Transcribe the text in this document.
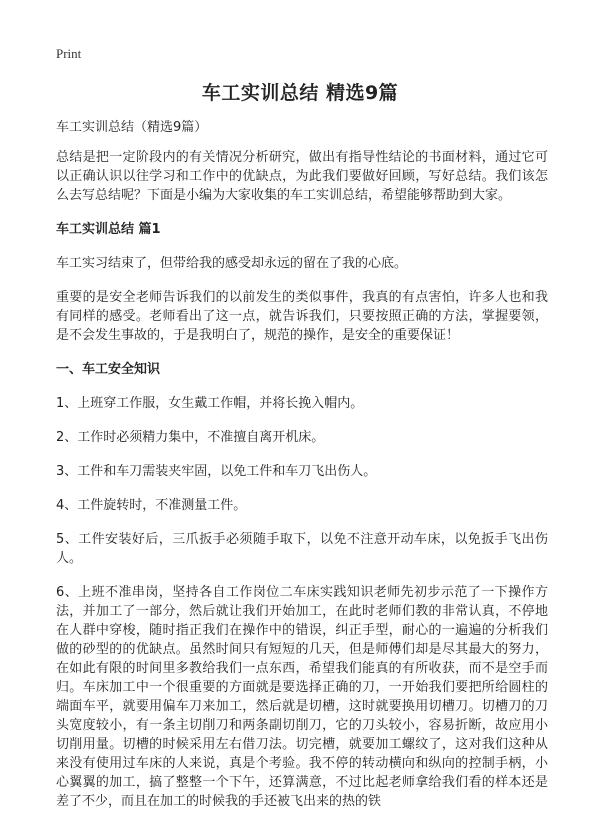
Print
车工实训总结 精选9篇
车工实训总结（精选9篇）

总结是把一定阶段内的有关情况分析研究，做出有指导性结论的书面材料，通过它可以正确认识以往学习和工作中的优缺点，为此我们要做好回顾，写好总结。我们该怎么去写总结呢？下面是小编为大家收集的车工实训总结，希望能够帮助到大家。

车工实训总结 篇1

车工实习结束了，但带给我的感受却永远的留在了我的心底。

重要的是安全老师告诉我们的以前发生的类似事件，我真的有点害怕，许多人也和我有同样的感受。老师看出了这一点，就告诉我们，只要按照正确的方法，掌握要领，是不会发生事故的，于是我明白了，规范的操作，是安全的重要保证！

一、车工安全知识

1、上班穿工作服，女生戴工作帽，并将长挽入帽内。

2、工作时必须精力集中，不准擅自离开机床。

3、工件和车刀需装夹牢固，以免工件和车刀飞出伤人。

4、工件旋转时，不准测量工件。

5、工件安装好后，三爪扳手必须随手取下，以免不注意开动车床，以免扳手飞出伤人。

6、上班不准串岗，坚持各自工作岗位二车床实践知识老师先初步示范了一下操作方法，并加工了一部分，然后就让我们开始加工，在此时老师们教的非常认真，不停地在人群中穿梭，随时指正我们在操作中的错误，纠正手型，耐心的一遍遍的分析我们做的砂型的的优缺点。虽然时间只有短短的几天，但是师傅们却是尽其最大的努力，在如此有限的时间里多教给我们一点东西，希望我们能真的有所收获，而不是空手而归。车床加工中一个很重要的方面就是要选择正确的刀，一开始我们要把所给圆柱的端面车平，就要用偏车刀来加工，然后就是切槽，这时就要换用切槽刀。切槽刀的刀头宽度较小，有一条主切削刀和两条副切削刀，它的刀头较小，容易折断，故应用小切削用量。切槽的时候采用左右借刀法。切完槽，就要加工螺纹了，这对我们这种从来没有使用过车床的人来说，真是个考验。我不停的转动横向和纵向的控制手柄，小心翼翼的加工，搞了整整一个下午，还算满意，不过比起老师拿给我们看的样本还是差了不少，而且在加工的时候我的手还被飞出来的热的铁
